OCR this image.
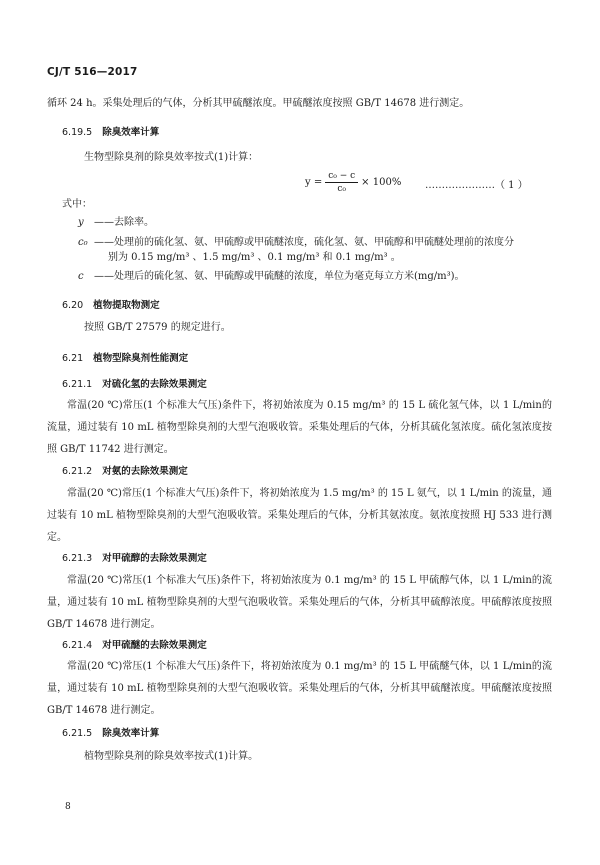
CJ/T 516—2017
循环 24 h。采集处理后的气体，分析其甲硫醚浓度。甲硫醚浓度按照 GB/T 14678 进行测定。
6.19.5 除臭效率计算
生物型除臭剂的除臭效率按式(1)计算：
$y = \frac{\text{c₀ − c}}{\text{c₀}} \times 100\%$ …………………（ 1 ）
式中：
y	——去除率。
c₀ ——处理前的硫化氢、氨、甲硫醇或甲硫醚浓度，硫化氢、氨、甲硫醇和甲硫醚处理前的浓度分
别为 0.15 mg/m³ 、1.5 mg/m³ 、0.1 mg/m³ 和 0.1 mg/m³ 。
c	——处理后的硫化氢、氨、甲硫醇或甲硫醚的浓度，单位为毫克每立方米(mg/m³)。
6.20 植物提取物测定
按照 GB/T 27579 的规定进行。
6.21 植物型除臭剂性能测定
6.21.1 对硫化氢的去除效果测定
常温(20 ℃)常压(1 个标准大气压)条件下，将初始浓度为 0.15 mg/m³ 的 15 L 硫化氢气体，以 1 L/min的流量，通过装有 10 mL 植物型除臭剂的大型气泡吸收管。采集处理后的气体，分析其硫化氢浓度。硫化氢浓度按照 GB/T 11742 进行测定。
6.21.2 对氨的去除效果测定
常温(20 ℃)常压(1 个标准大气压)条件下，将初始浓度为 1.5 mg/m³ 的 15 L 氨气，以 1 L/min 的流量，通过装有 10 mL 植物型除臭剂的大型气泡吸收管。采集处理后的气体，分析其氨浓度。氨浓度按照 HJ 533 进行测定。
6.21.3 对甲硫醇的去除效果测定
常温(20 ℃)常压(1 个标准大气压)条件下，将初始浓度为 0.1 mg/m³ 的 15 L 甲硫醇气体，以 1 L/min的流量，通过装有 10 mL 植物型除臭剂的大型气泡吸收管。采集处理后的气体，分析其甲硫醇浓度。甲硫醇浓度按照 GB/T 14678 进行测定。
6.21.4 对甲硫醚的去除效果测定
常温(20 ℃)常压(1 个标准大气压)条件下，将初始浓度为 0.1 mg/m³ 的 15 L 甲硫醚气体，以 1 L/min的流量，通过装有 10 mL 植物型除臭剂的大型气泡吸收管。采集处理后的气体，分析其甲硫醚浓度。甲硫醚浓度按照 GB/T 14678 进行测定。
6.21.5 除臭效率计算
植物型除臭剂的除臭效率按式(1)计算。
8
